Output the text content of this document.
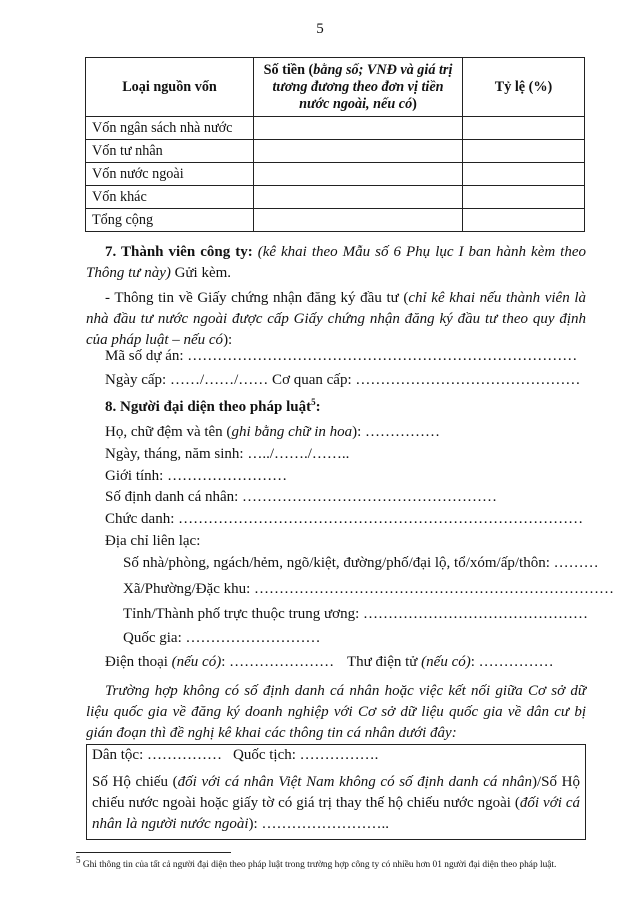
5
Loại nguồn vốn	Số tiền (bằng số; VNĐ và giá trị tương đương theo đơn vị tiền nước ngoài, nếu có)	Tỷ lệ (%)
Vốn ngân sách nhà nước		
Vốn tư nhân		
Vốn nước ngoài		
Vốn khác		
Tổng cộng		
7. Thành viên công ty: (kê khai theo Mẫu số 6 Phụ lục I ban hành kèm theo Thông tư này) Gửi kèm.
- Thông tin về Giấy chứng nhận đăng ký đầu tư (chỉ kê khai nếu thành viên là nhà đầu tư nước ngoài được cấp Giấy chứng nhận đăng ký đầu tư theo quy định của pháp luật – nếu có):
Mã số dự án: ……………………………………………………………………
Ngày cấp: ……/……/…… Cơ quan cấp: ………………………………………
8. Người đại diện theo pháp luật$^5$:
Họ, chữ đệm và tên (ghi bằng chữ in hoa): ……………
Ngày, tháng, năm sinh: …../……./……..
Giới tính: ……………………
Số định danh cá nhân: ……………………………………………
Chức danh: ………………………………………………………………………
Địa chỉ liên lạc:
Số nhà/phòng, ngách/hẻm, ngõ/kiệt, đường/phố/đại lộ, tổ/xóm/ấp/thôn: ………
Xã/Phường/Đặc khu: ………………………………………………………………
Tỉnh/Thành phố trực thuộc trung ương: ………………………………………
Quốc gia: ………………………
Điện thoại (nếu có): ………………… Thư điện tử (nếu có): ……………
Trường hợp không có số định danh cá nhân hoặc việc kết nối giữa Cơ sở dữ liệu quốc gia về đăng ký doanh nghiệp với Cơ sở dữ liệu quốc gia về dân cư bị gián đoạn thì đề nghị kê khai các thông tin cá nhân dưới đây:
Dân tộc: …………… Quốc tịch: …………….
Số Hộ chiếu (đối với cá nhân Việt Nam không có số định danh cá nhân)/Số Hộ chiếu nước ngoài hoặc giấy tờ có giá trị thay thế hộ chiếu nước ngoài (đối với cá nhân là người nước ngoài): ……………………..
$^5$ Ghi thông tin của tất cả người đại diện theo pháp luật trong trường hợp công ty có nhiều hơn 01 người đại diện theo pháp luật.
